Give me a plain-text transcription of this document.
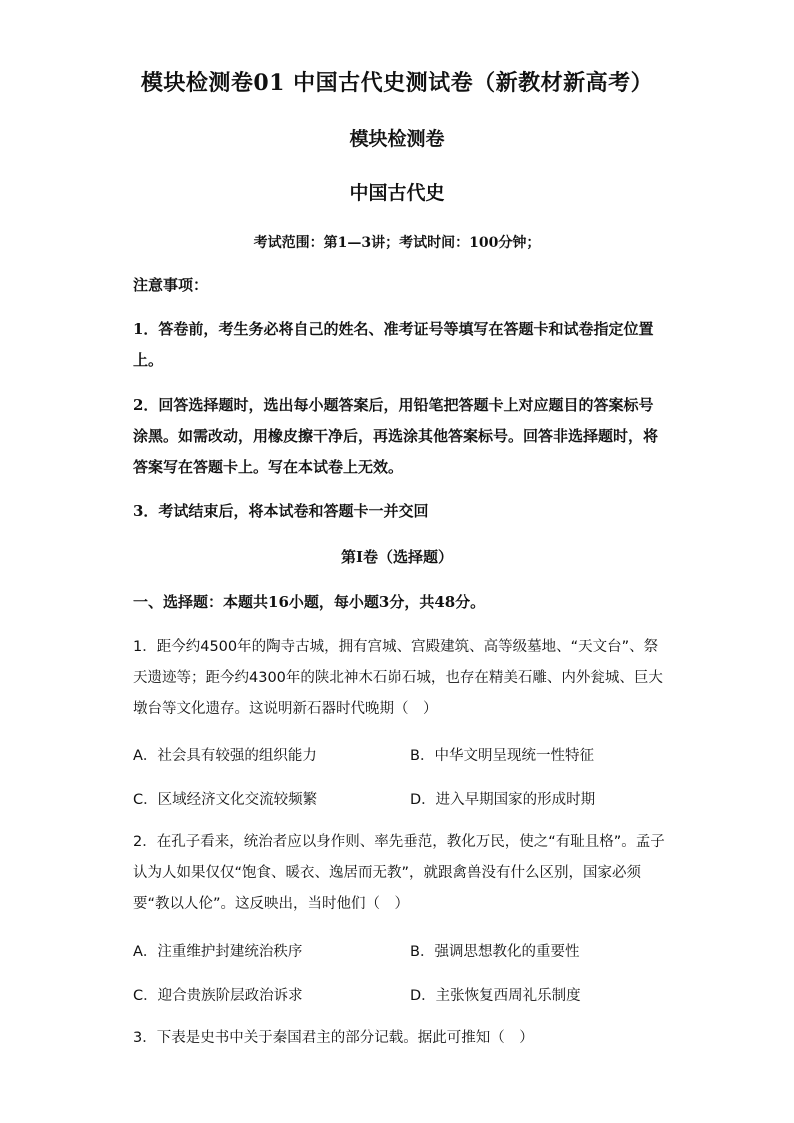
模块检测卷01 中国古代史测试卷（新教材新高考）
模块检测卷
中国古代史
考试范围：第1—3讲；考试时间：100分钟；
注意事项：
1．答卷前，考生务必将自己的姓名、准考证号等填写在答题卡和试卷指定位置上。
2．回答选择题时，选出每小题答案后，用铅笔把答题卡上对应题目的答案标号涂黑。如需改动，用橡皮擦干净后，再选涂其他答案标号。回答非选择题时，将答案写在答题卡上。写在本试卷上无效。
3．考试结束后，将本试卷和答题卡一并交回
第I卷（选择题）
一、选择题：本题共16小题，每小题3分，共48分。
1．距今约4500年的陶寺古城，拥有宫城、宫殿建筑、高等级墓地、“天文台”、祭天遗迹等；距今约4300年的陕北神木石峁石城，也存在精美石雕、内外瓮城、巨大墩台等文化遗存。这说明新石器时代晚期（　）
A．社会具有较强的组织能力	B．中华文明呈现统一性特征
C．区域经济文化交流较频繁	D．进入早期国家的形成时期
2．在孔子看来，统治者应以身作则、率先垂范，教化万民，使之“有耻且格”。孟子认为人如果仅仅“饱食、暖衣、逸居而无教”，就跟禽兽没有什么区别，国家必须要“教以人伦”。这反映出，当时他们（　）
A．注重维护封建统治秩序	B．强调思想教化的重要性
C．迎合贵族阶层政治诉求	D．主张恢复西周礼乐制度
3．下表是史书中关于秦国君主的部分记载。据此可推知（　）
